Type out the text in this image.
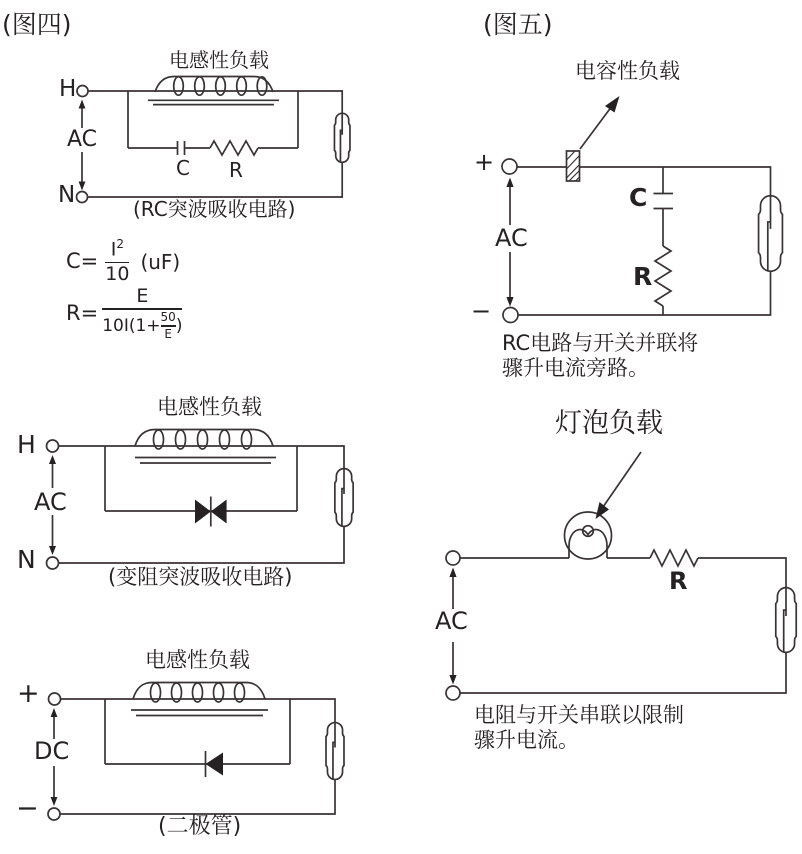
(图四)
电感性负载
H
N
AC
C R
(RC突波吸收电路)
$C= \frac{I^2}{10} (uF)$
$R= \frac{E}{10I(1+ \frac{50}{E} )}$
电感性负载
H
N
AC
(变阻突波吸收电路)
电感性负载
+
−
DC
(二极管)
(图五)
电容性负载
+
−
AC
C
R
RC电路与开关并联将
骤升电流旁路。
灯泡负载
AC
R
电阻与开关串联以限制
骤升电流。
